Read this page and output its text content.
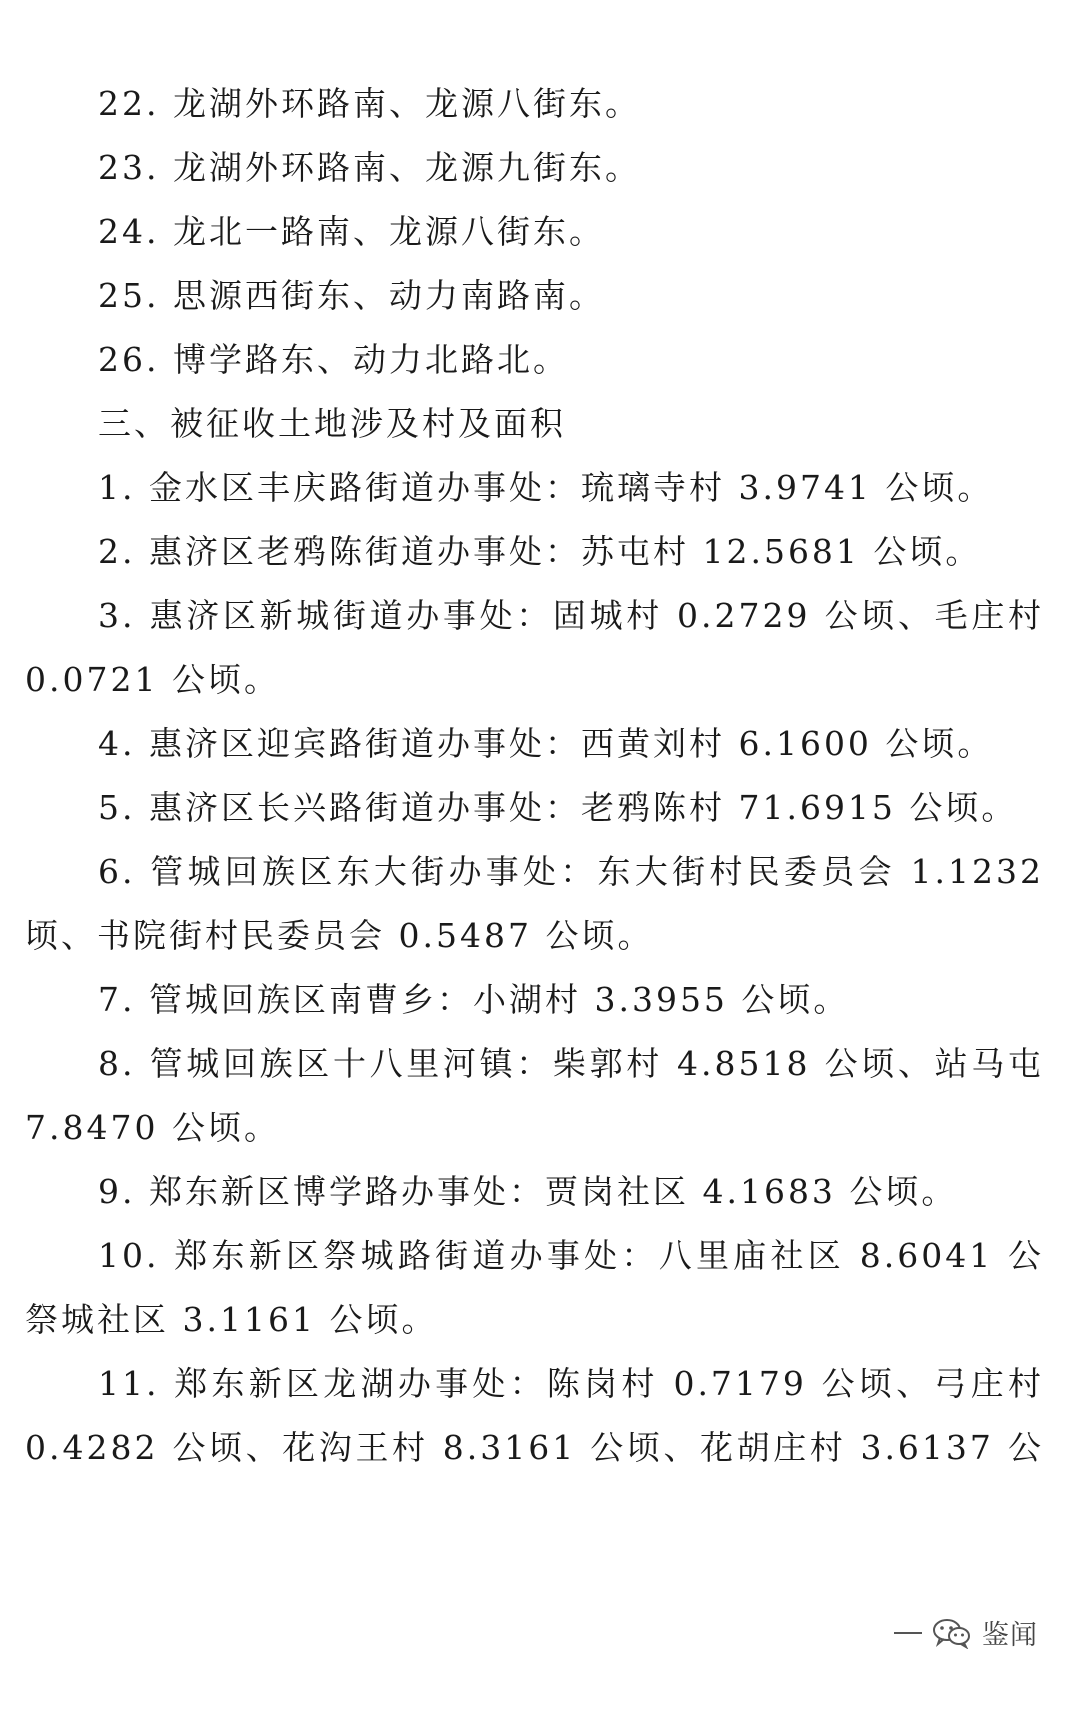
22. 龙湖外环路南、龙源八街东。
23. 龙湖外环路南、龙源九街东。
24. 龙北一路南、龙源八街东。
25. 思源西街东、动力南路南。
26. 博学路东、动力北路北。
三、被征收土地涉及村及面积
1. 金水区丰庆路街道办事处：琉璃寺村 3.9741 公顷。
2. 惠济区老鸦陈街道办事处：苏屯村 12.5681 公顷。
3. 惠济区新城街道办事处：固城村 0.2729 公顷、毛庄村
0.0721 公顷。
4. 惠济区迎宾路街道办事处：西黄刘村 6.1600 公顷。
5. 惠济区长兴路街道办事处：老鸦陈村 71.6915 公顷。
6. 管城回族区东大街办事处：东大街村民委员会 1.1232
顷、书院街村民委员会 0.5487 公顷。
7. 管城回族区南曹乡：小湖村 3.3955 公顷。
8. 管城回族区十八里河镇：柴郭村 4.8518 公顷、站马屯
7.8470 公顷。
9. 郑东新区博学路办事处：贾岗社区 4.1683 公顷。
10. 郑东新区祭城路街道办事处：八里庙社区 8.6041 公
祭城社区 3.1161 公顷。
11. 郑东新区龙湖办事处：陈岗村 0.7179 公顷、弓庄村
0.4282 公顷、花沟王村 8.3161 公顷、花胡庄村 3.6137 公
鉴闻
